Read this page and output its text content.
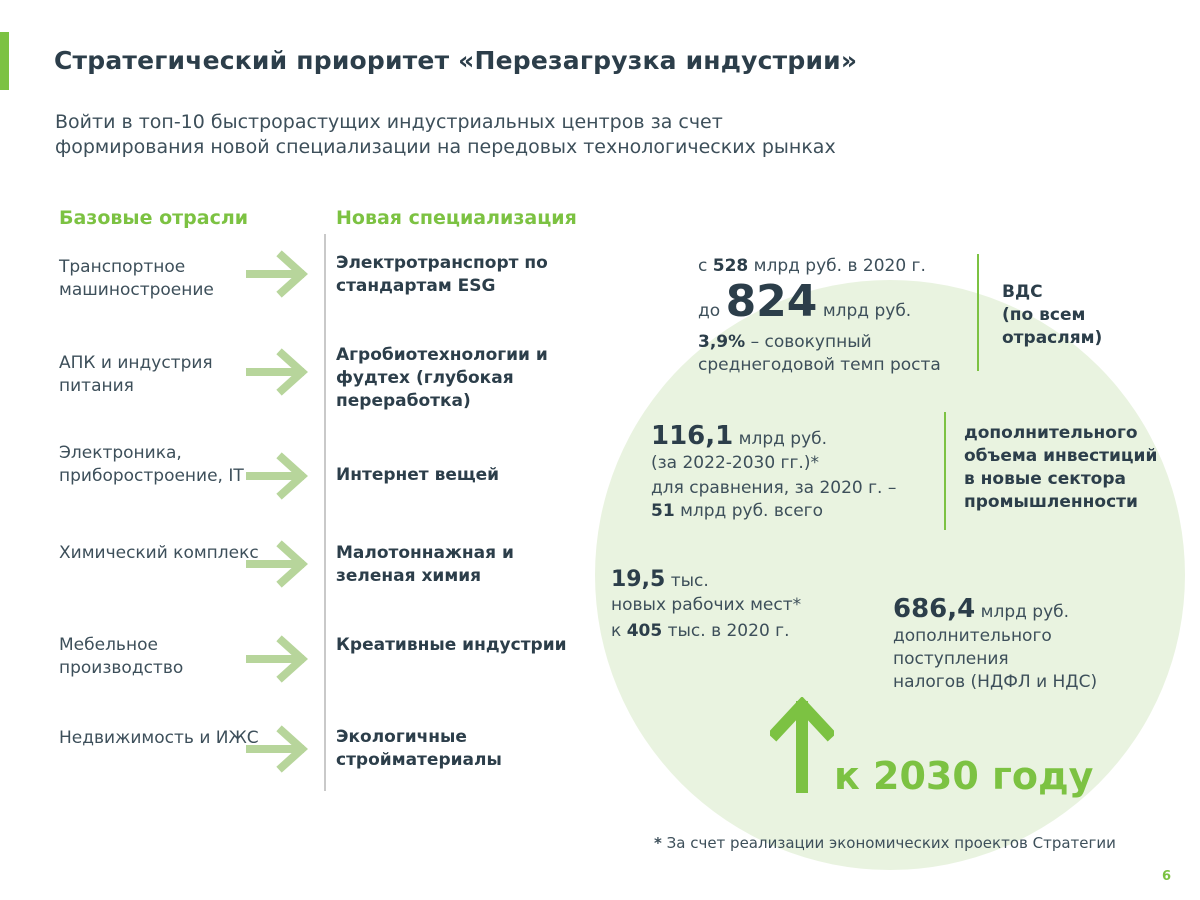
Стратегический приоритет «Перезагрузка индустрии»
Войти в топ-10 быстрорастущих индустриальных центров за счет
формирования новой специализации на передовых технологических рынках
Базовые отрасли	Новая специализация
Транспортное машиностроение
АПК и индустрия питания
Электроника, приборостроение, IT
Химический комплекс
Мебельное производство
Недвижимость и ИЖС
Электротранспорт по стандартам ESG
Агробиотехнологии и фудтех (глубокая переработка)
Интернет вещей
Малотоннажная и зеленая химия
Креативные индустрии
Экологичные стройматериалы
с 528 млрд руб. в 2020 г.
до 824 млрд руб.
3,9% – совокупный
среднегодовой темп роста
ВДС
(по всем
отраслям)
116,1 млрд руб.
(за 2022-2030 гг.)*
для сравнения, за 2020 г. –
51 млрд руб. всего
дополнительного
объема инвестиций
в новые сектора
промышленности
19,5 тыс.
новых рабочих мест*
к 405 тыс. в 2020 г.
686,4 млрд руб.
дополнительного
поступления
налогов (НДФЛ и НДС)
к 2030 году
* За счет реализации экономических проектов Стратегии
6
